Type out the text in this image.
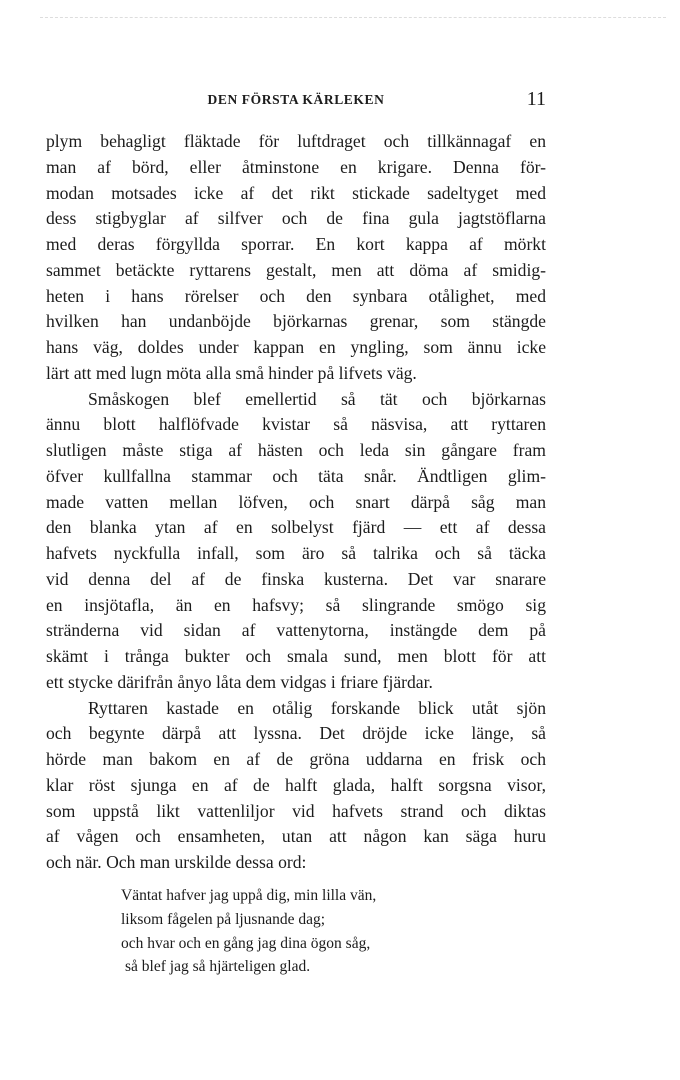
DEN FÖRSTA KÄRLEKEN	11
plym behagligt fläktade för luftdraget och tillkännagaf en
man af börd, eller åtminstone en krigare. Denna för-
modan motsades icke af det rikt stickade sadeltyget med
dess stigbyglar af silfver och de fina gula jagtstöflarna
med deras förgyllda sporrar. En kort kappa af mörkt
sammet betäckte ryttarens gestalt, men att döma af smidig-
heten i hans rörelser och den synbara otålighet, med
hvilken han undanböjde björkarnas grenar, som stängde
hans väg, doldes under kappan en yngling, som ännu icke
lärt att med lugn möta alla små hinder på lifvets väg.
Småskogen blef emellertid så tät och björkarnas
ännu blott halflöfvade kvistar så näsvisa, att ryttaren
slutligen måste stiga af hästen och leda sin gångare fram
öfver kullfallna stammar och täta snår. Ändtligen glim-
made vatten mellan löfven, och snart därpå såg man
den blanka ytan af en solbelyst fjärd — ett af dessa
hafvets nyckfulla infall, som äro så talrika och så täcka
vid denna del af de finska kusterna. Det var snarare
en insjötafla, än en hafsvy; så slingrande smögo sig
stränderna vid sidan af vattenytorna, instängde dem på
skämt i trånga bukter och smala sund, men blott för att
ett stycke därifrån ånyo låta dem vidgas i friare fjärdar.
Ryttaren kastade en otålig forskande blick utåt sjön
och begynte därpå att lyssna. Det dröjde icke länge, så
hörde man bakom en af de gröna uddarna en frisk och
klar röst sjunga en af de halft glada, halft sorgsna visor,
som uppstå likt vattenliljor vid hafvets strand och diktas
af vågen och ensamheten, utan att någon kan säga huru
och när. Och man urskilde dessa ord:
Väntat hafver jag uppå dig, min lilla vän,
liksom fågelen på ljusnande dag;
och hvar och en gång jag dina ögon såg,
så blef jag så hjärteligen glad.
